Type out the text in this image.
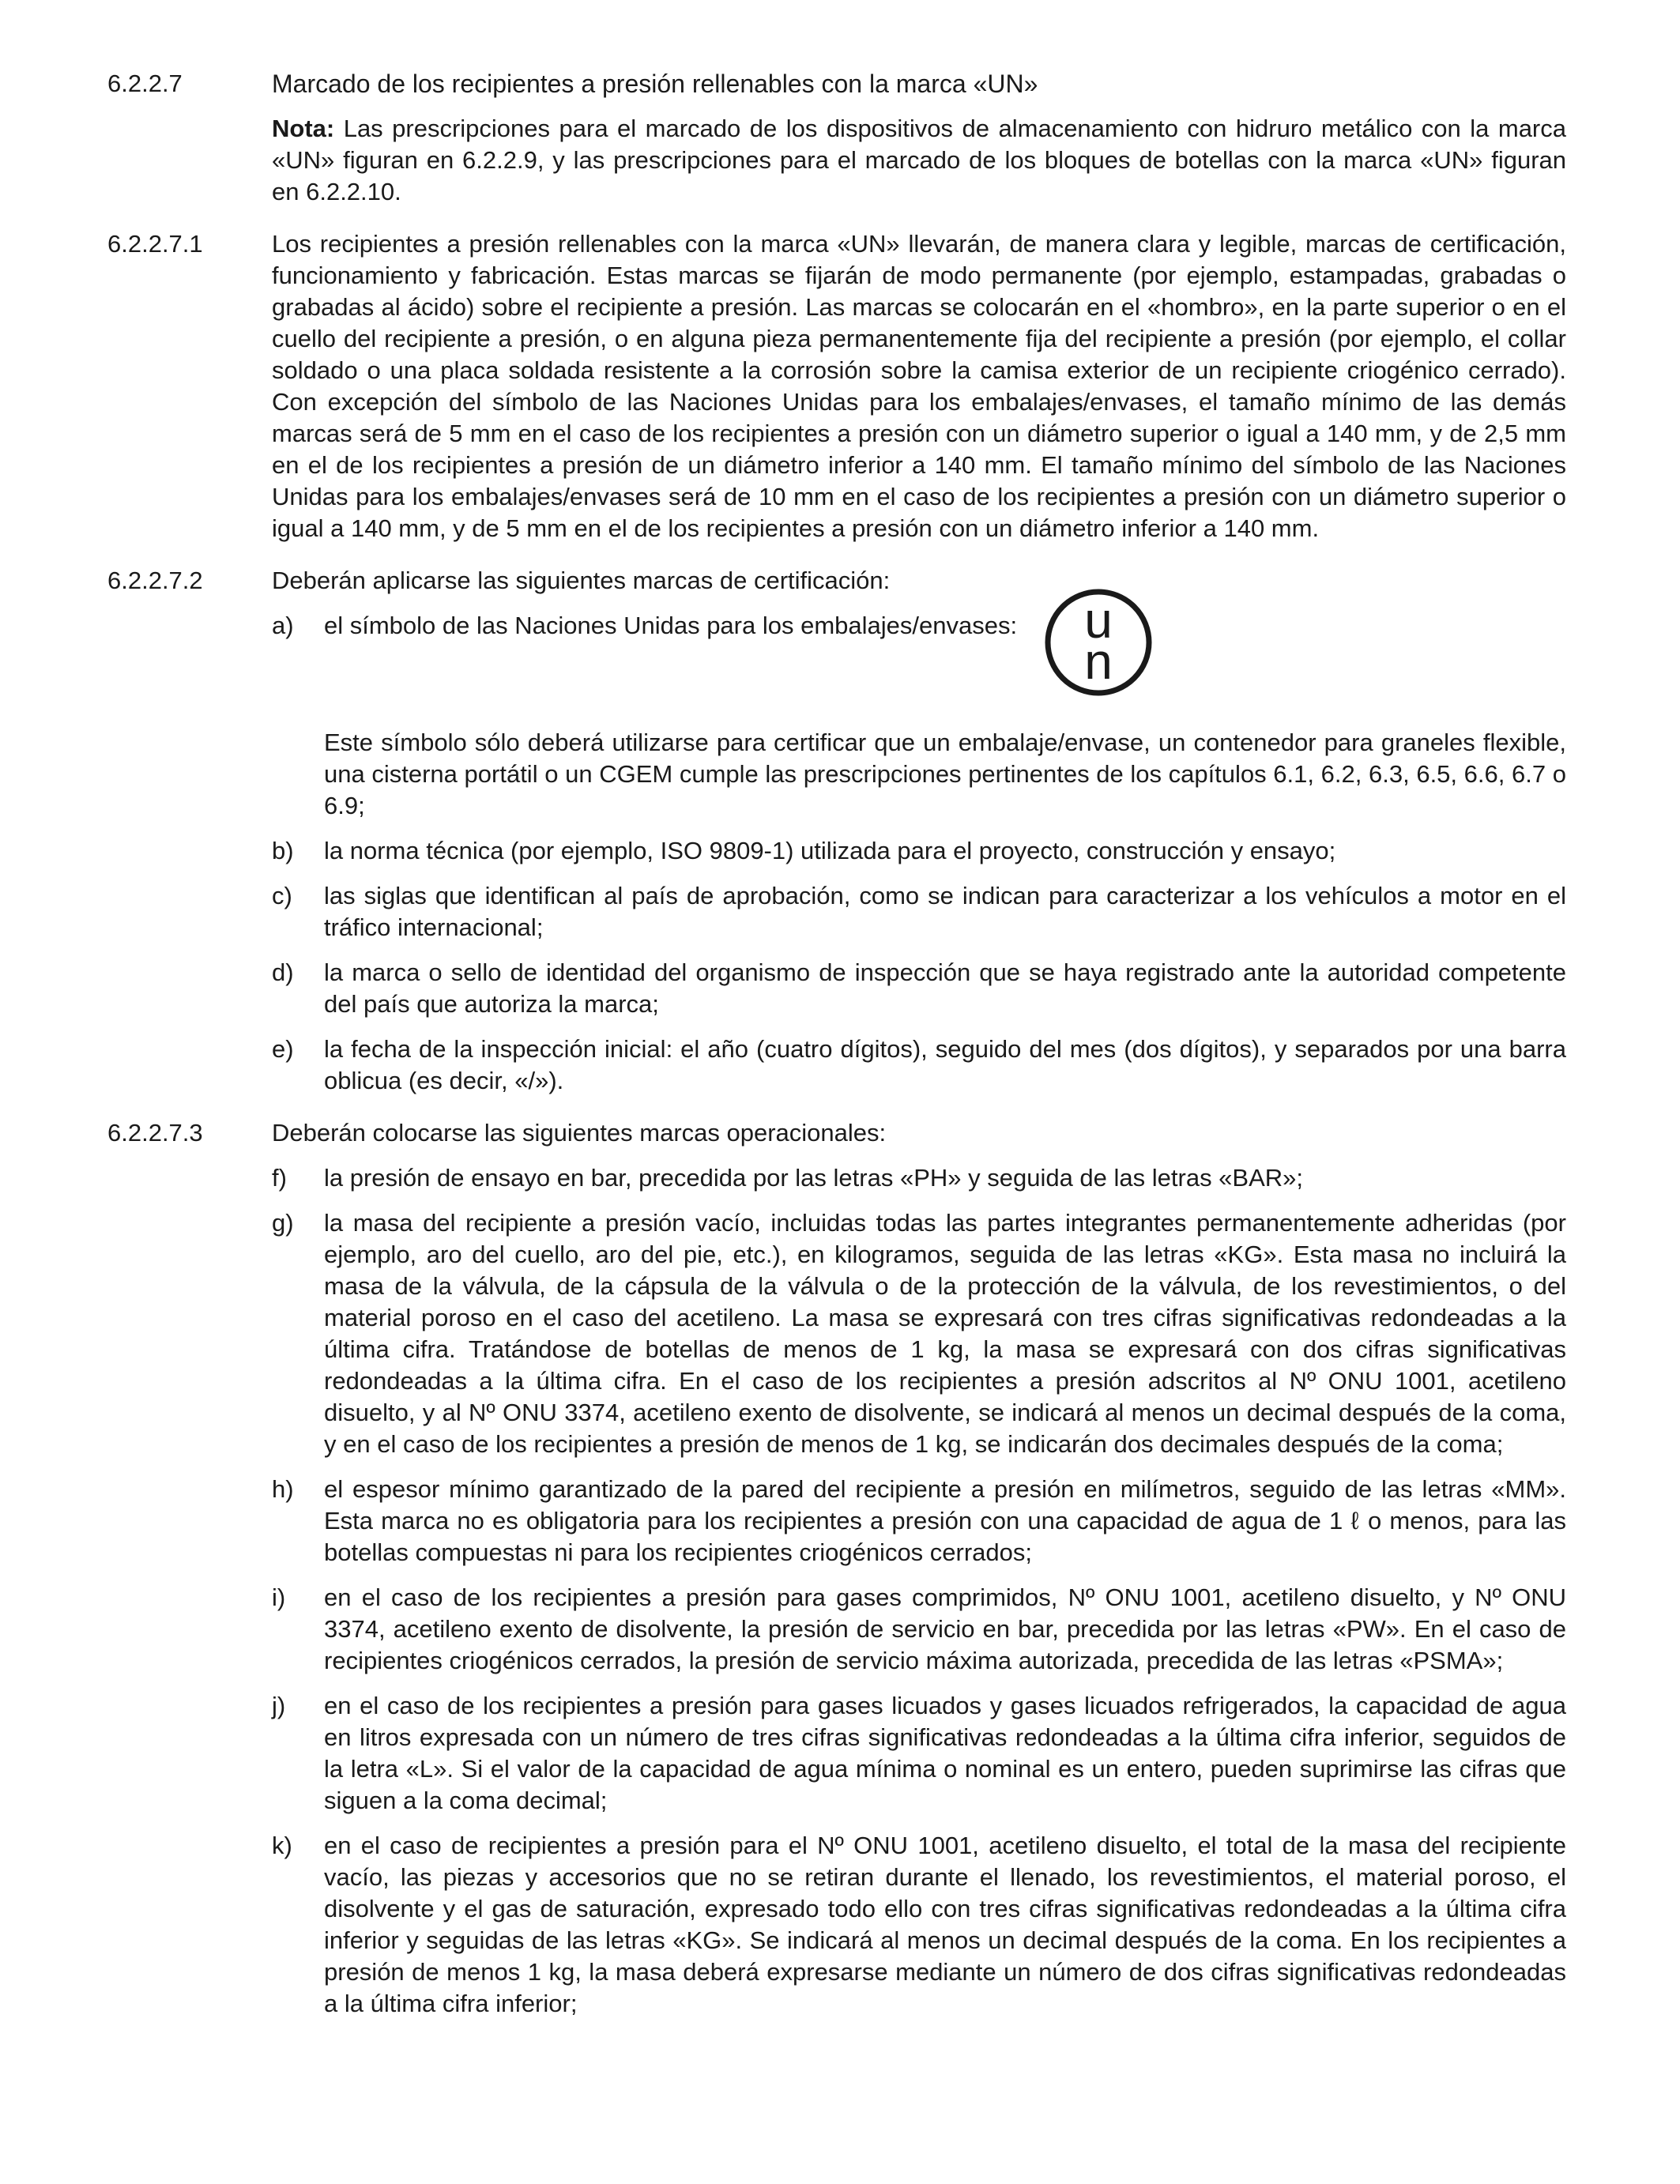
6.2.2.7	Marcado de los recipientes a presión rellenables con la marca «UN»

Nota: Las prescripciones para el marcado de los dispositivos de almacenamiento con hidruro metálico con la marca «UN» figuran en 6.2.2.9, y las prescripciones para el marcado de los bloques de botellas con la marca «UN» figuran en 6.2.2.10.

6.2.2.7.1	Los recipientes a presión rellenables con la marca «UN» llevarán, de manera clara y legible, marcas de certificación, funcionamiento y fabricación. Estas marcas se fijarán de modo permanente (por ejemplo, estampadas, grabadas o grabadas al ácido) sobre el recipiente a presión. Las marcas se colocarán en el «hombro», en la parte superior o en el cuello del recipiente a presión, o en alguna pieza permanentemente fija del recipiente a presión (por ejemplo, el collar soldado o una placa soldada resistente a la corrosión sobre la camisa exterior de un recipiente criogénico cerrado). Con excepción del símbolo de las Naciones Unidas para los embalajes/envases, el tamaño mínimo de las demás marcas será de 5 mm en el caso de los recipientes a presión con un diámetro superior o igual a 140 mm, y de 2,5 mm en el de los recipientes a presión de un diámetro inferior a 140 mm. El tamaño mínimo del símbolo de las Naciones Unidas para los embalajes/envases será de 10 mm en el caso de los recipientes a presión con un diámetro superior o igual a 140 mm, y de 5 mm en el de los recipientes a presión con un diámetro inferior a 140 mm.

6.2.2.7.2	Deberán aplicarse las siguientes marcas de certificación:

a)	el símbolo de las Naciones Unidas para los embalajes/envases: u
n
Este símbolo sólo deberá utilizarse para certificar que un embalaje/envase, un contenedor para graneles flexible, una cisterna portátil o un CGEM cumple las prescripciones pertinentes de los capítulos 6.1, 6.2, 6.3, 6.5, 6.6, 6.7 o 6.9;
b)	la norma técnica (por ejemplo, ISO 9809-1) utilizada para el proyecto, construcción y ensayo;
c)	las siglas que identifican al país de aprobación, como se indican para caracterizar a los vehículos a motor en el tráfico internacional;
d)	la marca o sello de identidad del organismo de inspección que se haya registrado ante la autoridad competente del país que autoriza la marca;
e)	la fecha de la inspección inicial: el año (cuatro dígitos), seguido del mes (dos dígitos), y separados por una barra oblicua (es decir, «/»).
6.2.2.7.3	Deberán colocarse las siguientes marcas operacionales:

f)	la presión de ensayo en bar, precedida por las letras «PH» y seguida de las letras «BAR»;
g)	la masa del recipiente a presión vacío, incluidas todas las partes integrantes permanentemente adheridas (por ejemplo, aro del cuello, aro del pie, etc.), en kilogramos, seguida de las letras «KG». Esta masa no incluirá la masa de la válvula, de la cápsula de la válvula o de la protección de la válvula, de los revestimientos, o del material poroso en el caso del acetileno. La masa se expresará con tres cifras significativas redondeadas a la última cifra. Tratándose de botellas de menos de 1 kg, la masa se expresará con dos cifras significativas redondeadas a la última cifra. En el caso de los recipientes a presión adscritos al Nº ONU 1001, acetileno disuelto, y al Nº ONU 3374, acetileno exento de disolvente, se indicará al menos un decimal después de la coma, y en el caso de los recipientes a presión de menos de 1 kg, se indicarán dos decimales después de la coma;
h)	el espesor mínimo garantizado de la pared del recipiente a presión en milímetros, seguido de las letras «MM». Esta marca no es obligatoria para los recipientes a presión con una capacidad de agua de 1 ℓ o menos, para las botellas compuestas ni para los recipientes criogénicos cerrados;
i)	en el caso de los recipientes a presión para gases comprimidos, Nº ONU 1001, acetileno disuelto, y Nº ONU 3374, acetileno exento de disolvente, la presión de servicio en bar, precedida por las letras «PW». En el caso de recipientes criogénicos cerrados, la presión de servicio máxima autorizada, precedida de las letras «PSMA»;
j)	en el caso de los recipientes a presión para gases licuados y gases licuados refrigerados, la capacidad de agua en litros expresada con un número de tres cifras significativas redondeadas a la última cifra inferior, seguidos de la letra «L». Si el valor de la capacidad de agua mínima o nominal es un entero, pueden suprimirse las cifras que siguen a la coma decimal;
k)	en el caso de recipientes a presión para el Nº ONU 1001, acetileno disuelto, el total de la masa del recipiente vacío, las piezas y accesorios que no se retiran durante el llenado, los revestimientos, el material poroso, el disolvente y el gas de saturación, expresado todo ello con tres cifras significativas redondeadas a la última cifra inferior y seguidas de las letras «KG». Se indicará al menos un decimal después de la coma. En los recipientes a presión de menos 1 kg, la masa deberá expresarse mediante un número de dos cifras significativas redondeadas a la última cifra inferior;
